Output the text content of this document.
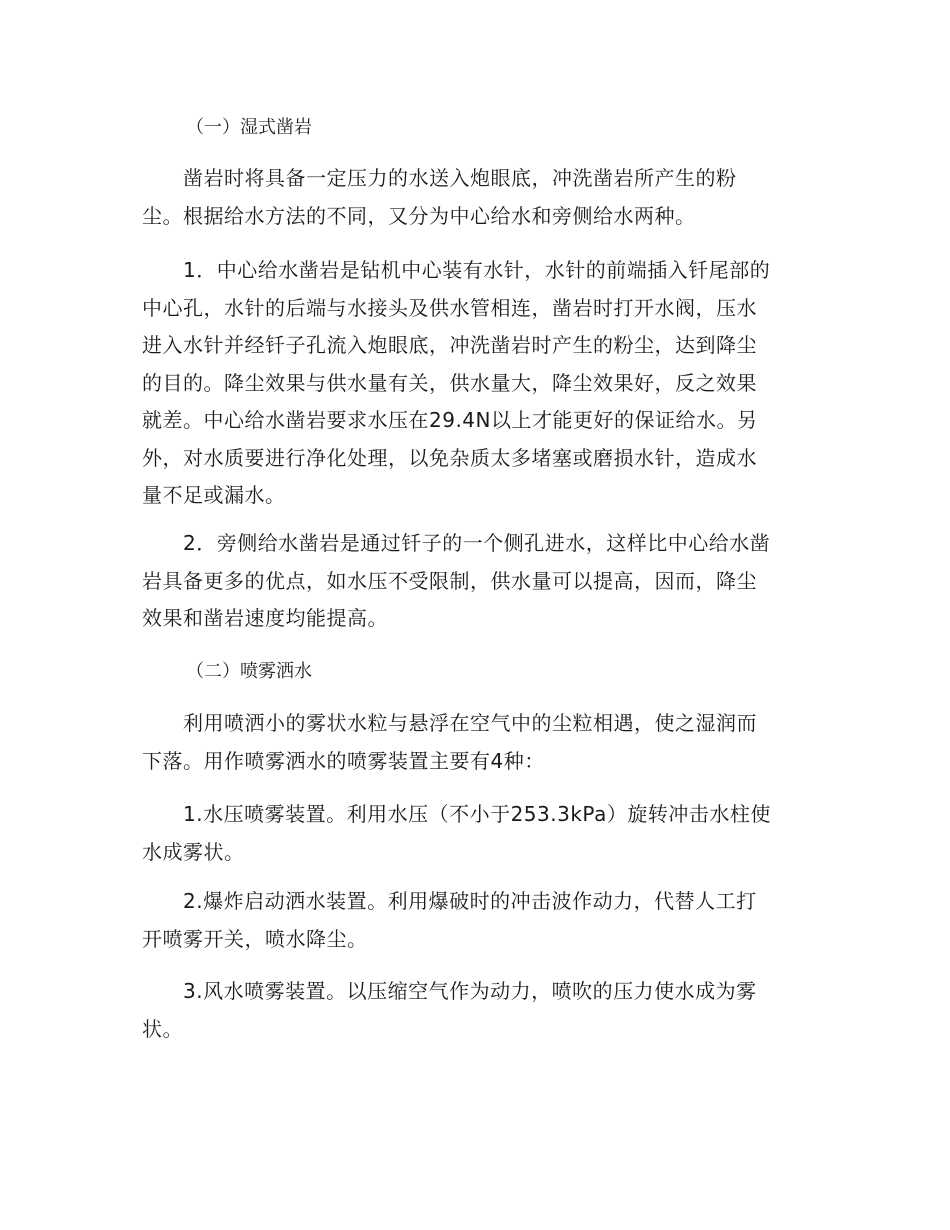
（一）湿式凿岩

　　凿岩时将具备一定压力的水送入炮眼底，冲洗凿岩所产生的粉
尘。根据给水方法的不同，又分为中心给水和旁侧给水两种。

　　1．中心给水凿岩是钻机中心装有水针，水针的前端插入钎尾部的
中心孔，水针的后端与水接头及供水管相连，凿岩时打开水阀，压水
进入水针并经钎子孔流入炮眼底，冲洗凿岩时产生的粉尘，达到降尘
的目的。降尘效果与供水量有关，供水量大，降尘效果好，反之效果
就差。中心给水凿岩要求水压在29.4N以上才能更好的保证给水。另
外，对水质要进行净化处理，以免杂质太多堵塞或磨损水针，造成水
量不足或漏水。

　　2．旁侧给水凿岩是通过钎子的一个侧孔进水，这样比中心给水凿
岩具备更多的优点，如水压不受限制，供水量可以提高，因而，降尘
效果和凿岩速度均能提高。

（二）喷雾洒水

　　利用喷洒小的雾状水粒与悬浮在空气中的尘粒相遇，使之湿润而
下落。用作喷雾洒水的喷雾装置主要有4种：

　　1.水压喷雾装置。利用水压（不小于253.3kPa）旋转冲击水柱使
水成雾状。

　　2.爆炸启动洒水装置。利用爆破时的冲击波作动力，代替人工打
开喷雾开关，喷水降尘。

　　3.风水喷雾装置。以压缩空气作为动力，喷吹的压力使水成为雾
状。
